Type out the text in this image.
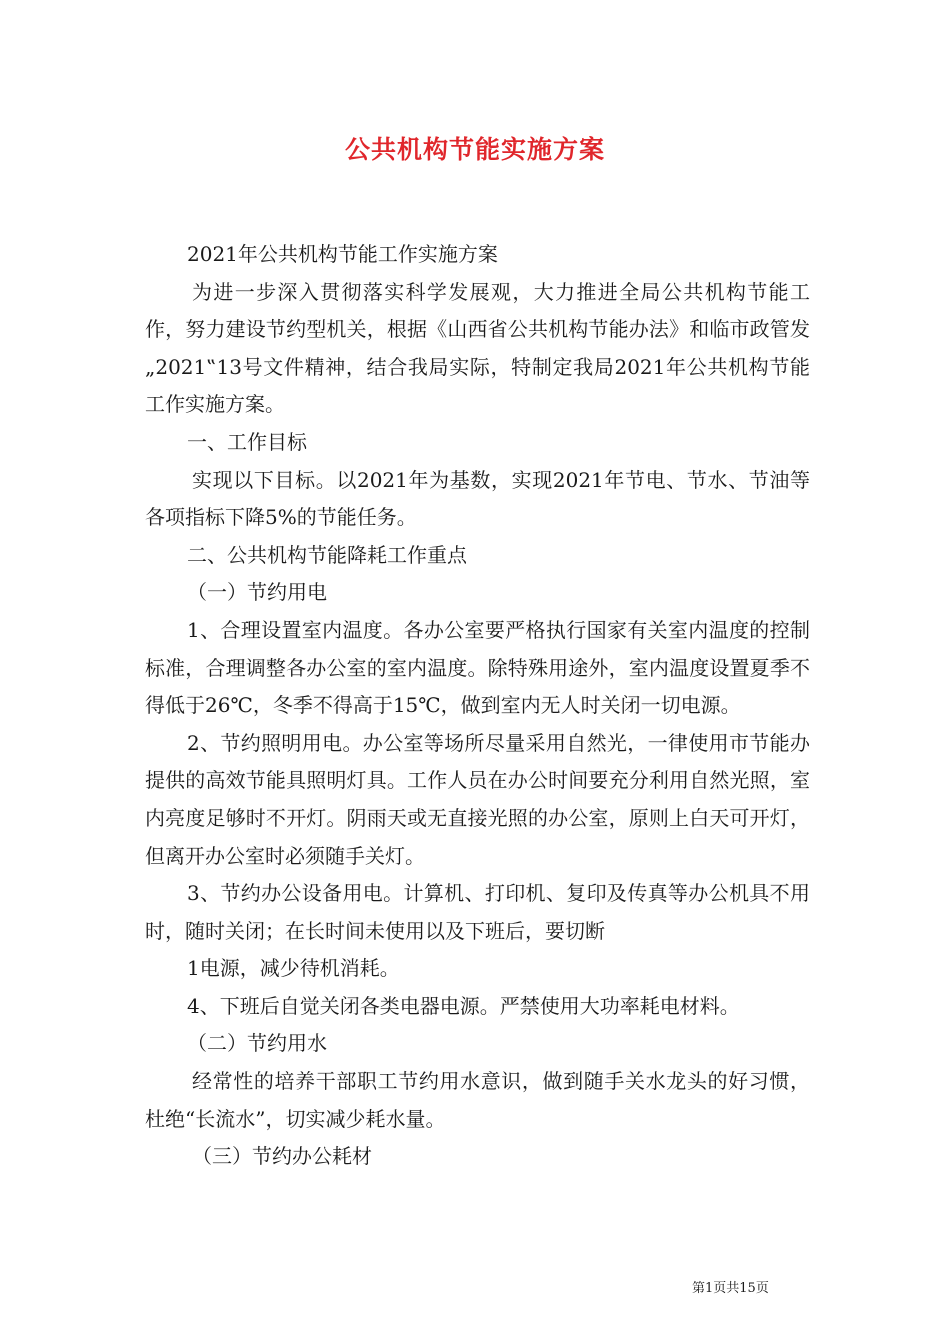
公共机构节能实施方案

2021年公共机构节能工作实施方案

为进一步深入贯彻落实科学发展观，大力推进全局公共机构节能工作，努力建设节约型机关，根据《山西省公共机构节能办法》和临市政管发„2021‟13号文件精神，结合我局实际，特制定我局2021年公共机构节能工作实施方案。

一、工作目标

实现以下目标。以2021年为基数，实现2021年节电、节水、节油等各项指标下降5%的节能任务。

二、公共机构节能降耗工作重点

（一）节约用电

1、合理设置室内温度。各办公室要严格执行国家有关室内温度的控制标准，合理调整各办公室的室内温度。除特殊用途外，室内温度设置夏季不得低于26℃，冬季不得高于15℃，做到室内无人时关闭一切电源。

2、节约照明用电。办公室等场所尽量采用自然光，一律使用市节能办提供的高效节能具照明灯具。工作人员在办公时间要充分利用自然光照，室内亮度足够时不开灯。阴雨天或无直接光照的办公室，原则上白天可开灯，但离开办公室时必须随手关灯。

3、节约办公设备用电。计算机、打印机、复印及传真等办公机具不用时，随时关闭；在长时间未使用以及下班后，要切断

1电源，减少待机消耗。

4、下班后自觉关闭各类电器电源。严禁使用大功率耗电材料。

（二）节约用水

经常性的培养干部职工节约用水意识，做到随手关水龙头的好习惯，杜绝“长流水”，切实减少耗水量。

（三）节约办公耗材

第1页共15页
